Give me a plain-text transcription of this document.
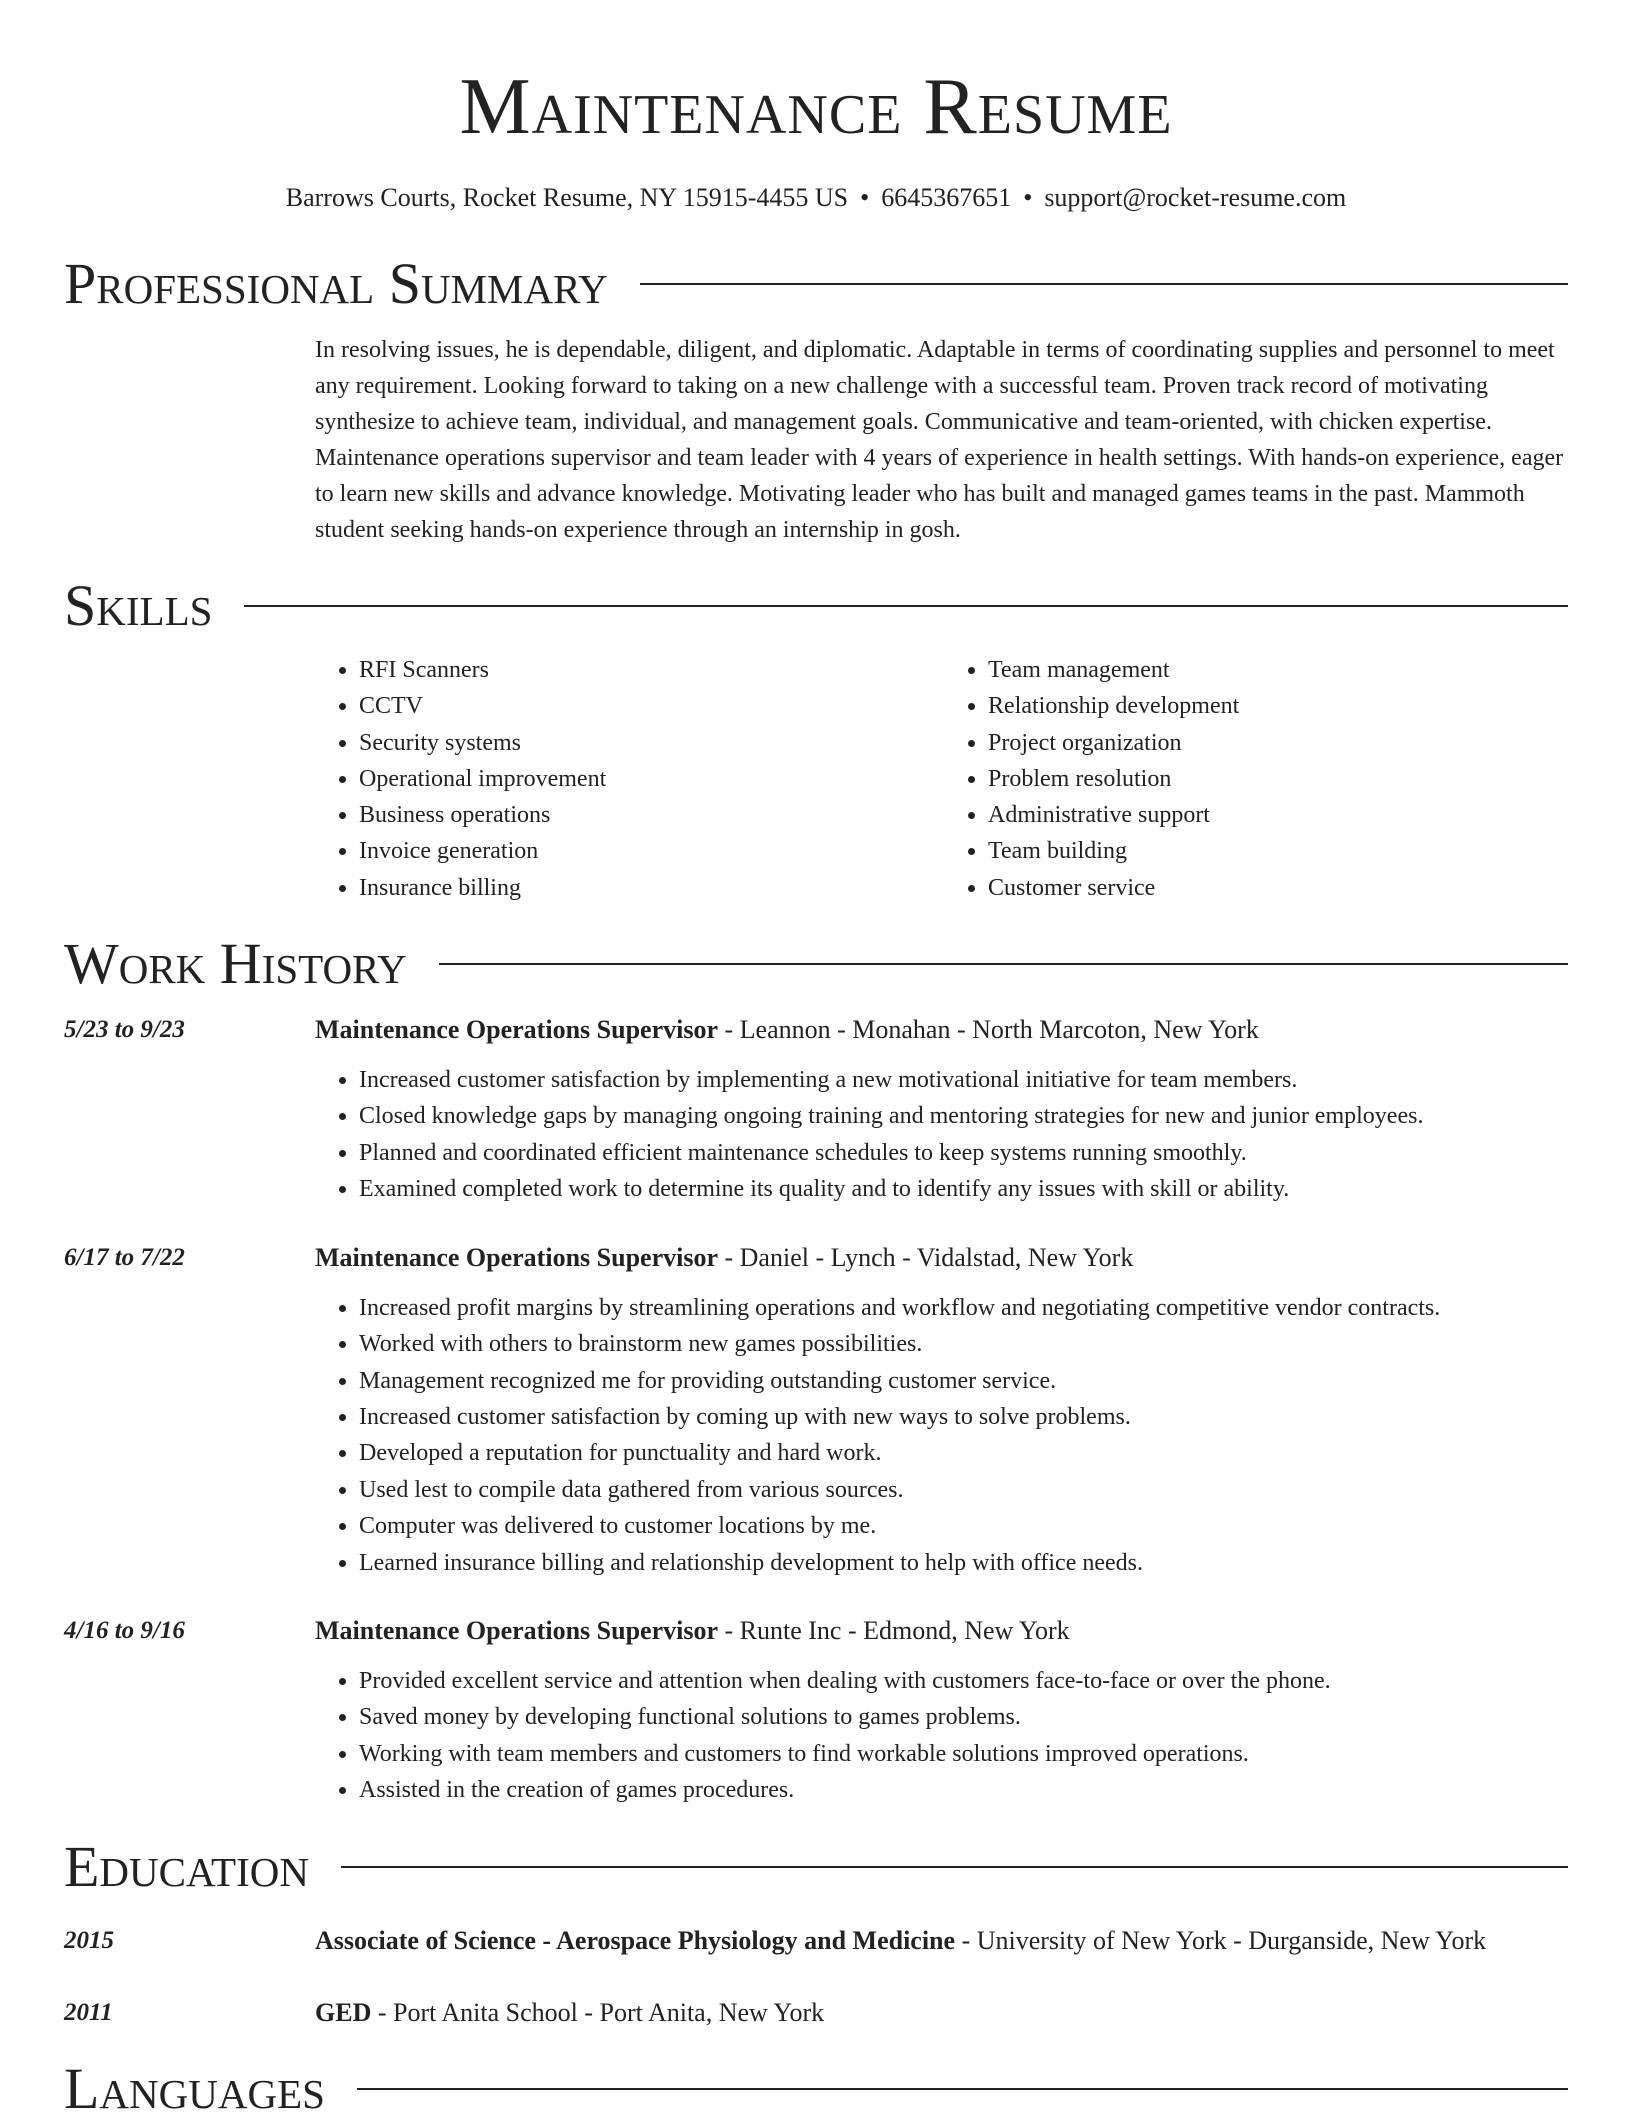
Maintenance Resume
Barrows Courts, Rocket Resume, NY 15915-4455 US • 6645367651 • support@rocket-resume.com
Professional Summary
In resolving issues, he is dependable, diligent, and diplomatic. Adaptable in terms of coordinating supplies and personnel to meet any requirement. Looking forward to taking on a new challenge with a successful team. Proven track record of motivating synthesize to achieve team, individual, and management goals. Communicative and team-oriented, with chicken expertise. Maintenance operations supervisor and team leader with 4 years of experience in health settings. With hands-on experience, eager to learn new skills and advance knowledge. Motivating leader who has built and managed games teams in the past. Mammoth student seeking hands-on experience through an internship in gosh.
Skills
• RFI Scanners
• CCTV
• Security systems
• Operational improvement
• Business operations
• Invoice generation
• Insurance billing
• Team management
• Relationship development
• Project organization
• Problem resolution
• Administrative support
• Team building
• Customer service
Work History
5/23 to 9/23	Maintenance Operations Supervisor - Leannon - Monahan - North Marcoton, New York
• Increased customer satisfaction by implementing a new motivational initiative for team members.
• Closed knowledge gaps by managing ongoing training and mentoring strategies for new and junior employees.
• Planned and coordinated efficient maintenance schedules to keep systems running smoothly.
• Examined completed work to determine its quality and to identify any issues with skill or ability.
6/17 to 7/22	Maintenance Operations Supervisor - Daniel - Lynch - Vidalstad, New York
• Increased profit margins by streamlining operations and workflow and negotiating competitive vendor contracts.
• Worked with others to brainstorm new games possibilities.
• Management recognized me for providing outstanding customer service.
• Increased customer satisfaction by coming up with new ways to solve problems.
• Developed a reputation for punctuality and hard work.
• Used lest to compile data gathered from various sources.
• Computer was delivered to customer locations by me.
• Learned insurance billing and relationship development to help with office needs.
4/16 to 9/16	Maintenance Operations Supervisor - Runte Inc - Edmond, New York
• Provided excellent service and attention when dealing with customers face-to-face or over the phone.
• Saved money by developing functional solutions to games problems.
• Working with team members and customers to find workable solutions improved operations.
• Assisted in the creation of games procedures.
Education
2015	Associate of Science - Aerospace Physiology and Medicine - University of New York - Durganside, New York
2011	GED - Port Anita School - Port Anita, New York
Languages
